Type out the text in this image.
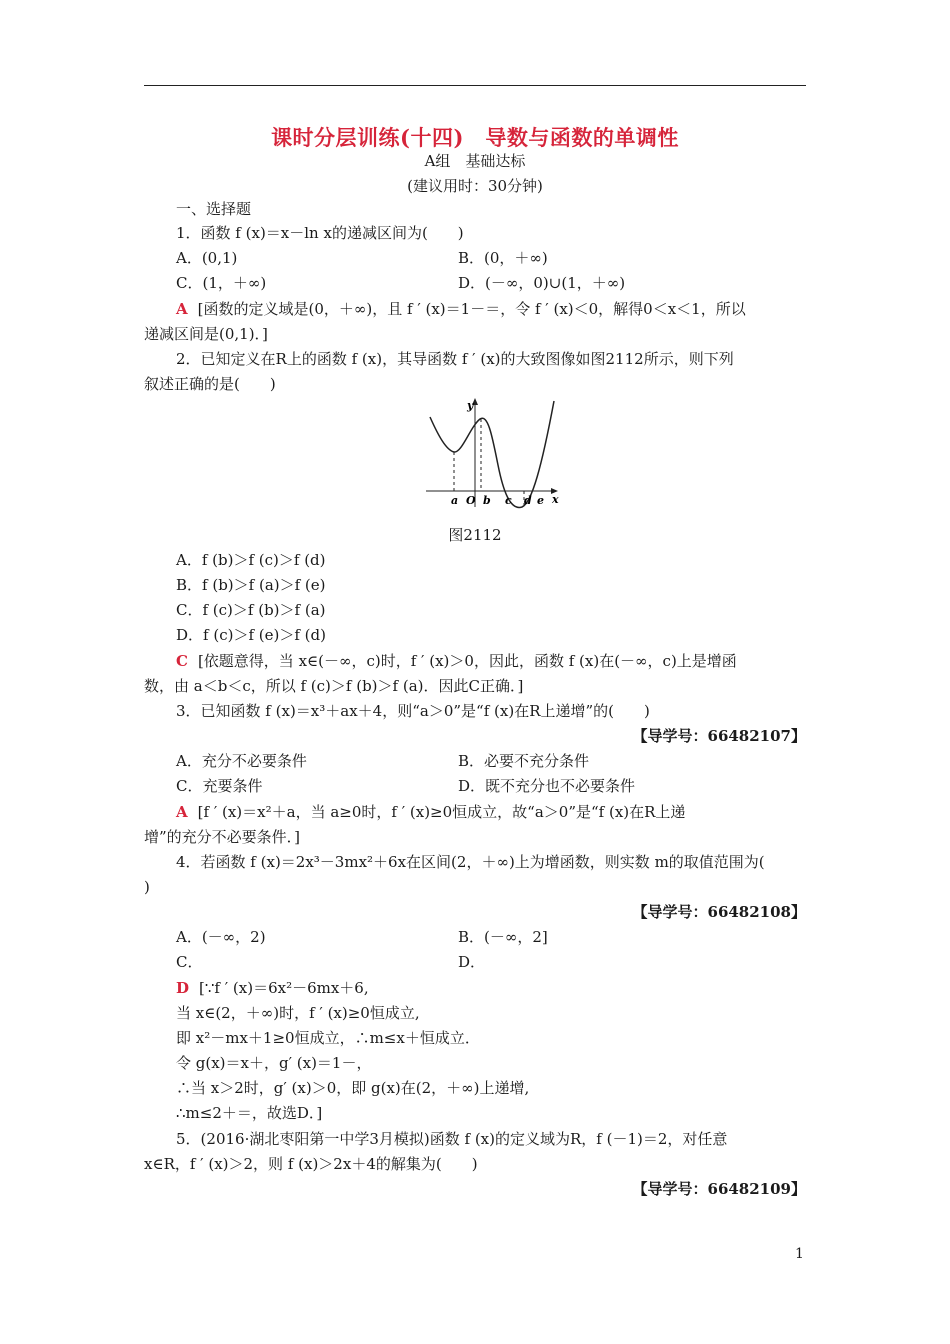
课时分层训练(十四)　导数与函数的单调性
A组　基础达标
(建议用时：30分钟)
一、选择题
1．函数 f (x)＝x－ln x的递减区间为(　　)
A．(0,1)	B．(0，＋∞)
C．(1，＋∞)	D．(－∞，0)∪(1，＋∞)
A [函数的定义域是(0，＋∞)，且 f ′ (x)＝1－＝，令 f ′ (x)＜0，解得0＜x＜1，所以
递减区间是(0,1)．]
2．已知定义在R上的函数 f (x)，其导函数 f ′ (x)的大致图像如图2112所示，则下列
叙述正确的是(　　)
y
x
a O b c d e
图2112
A．f (b)＞f (c)＞f (d)
B．f (b)＞f (a)＞f (e)
C．f (c)＞f (b)＞f (a)
D．f (c)＞f (e)＞f (d)
C [依题意得，当 x∈(－∞，c)时，f ′ (x)＞0，因此，函数 f (x)在(－∞，c)上是增函
数，由 a＜b＜c，所以 f (c)＞f (b)＞f (a)．因此C正确．]
3．已知函数 f (x)＝x³＋ax＋4，则“a＞0”是“f (x)在R上递增”的(　　)
【导学号：66482107】
A．充分不必要条件	B．必要不充分条件
C．充要条件	D．既不充分也不必要条件
A [f ′ (x)＝x²＋a，当 a≥0时，f ′ (x)≥0恒成立，故“a＞0”是“f (x)在R上递
增”的充分不必要条件．]
4．若函数 f (x)＝2x³－3mx²＋6x在区间(2，＋∞)上为增函数，则实数 m的取值范围为(
)
【导学号：66482108】
A．(－∞，2)	B．(－∞，2]
C．	D．
D [∵f ′ (x)＝6x²－6mx＋6,
当 x∈(2，＋∞)时，f ′ (x)≥0恒成立,
即 x²－mx＋1≥0恒成立，∴m≤x＋恒成立．
令 g(x)＝x＋，g′ (x)＝1－，
∴当 x＞2时，g′ (x)＞0，即 g(x)在(2，＋∞)上递增,
∴m≤2＋＝，故选D．]
5．(2016·湖北枣阳第一中学3月模拟)函数 f (x)的定义域为R，f (－1)＝2，对任意
x∈R，f ′ (x)＞2，则 f (x)＞2x＋4的解集为(　　)
【导学号：66482109】
1
